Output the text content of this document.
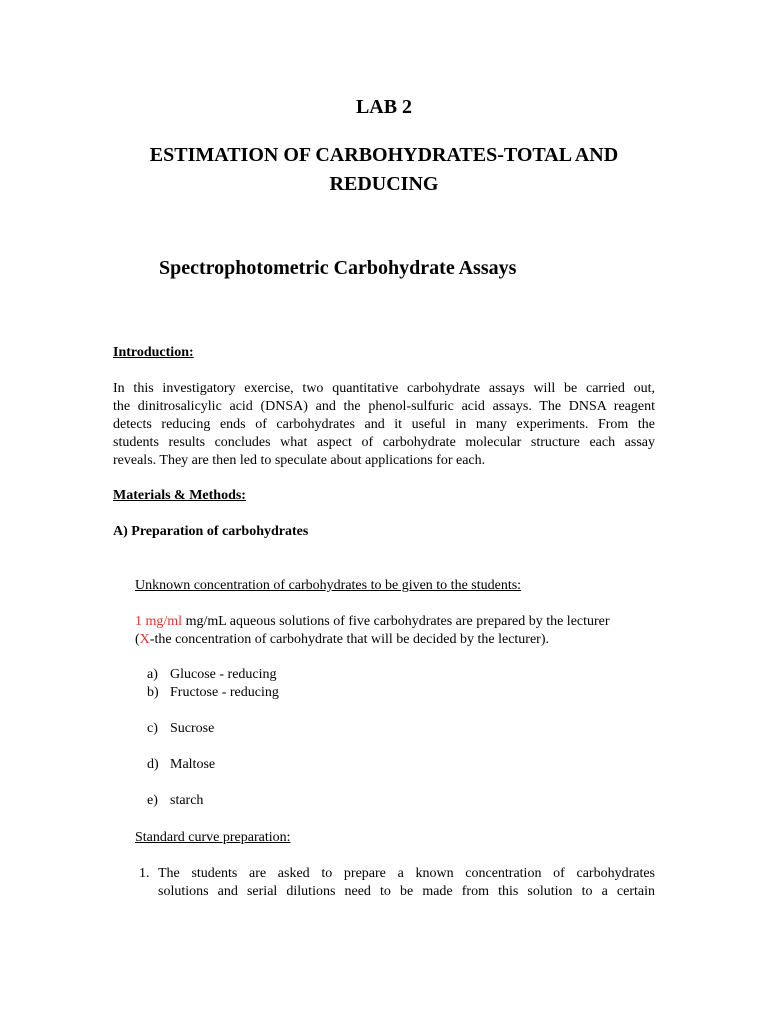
LAB 2
ESTIMATION OF CARBOHYDRATES-TOTAL AND
REDUCING
Spectrophotometric Carbohydrate Assays
Introduction:
In this investigatory exercise, two quantitative carbohydrate assays will be carried out,
the dinitrosalicylic acid (DNSA) and the phenol-sulfuric acid assays. The DNSA reagent
detects reducing ends of carbohydrates and it useful in many experiments. From the
students results concludes what aspect of carbohydrate molecular structure each assay
reveals. They are then led to speculate about applications for each.
Materials & Methods:
A) Preparation of carbohydrates
Unknown concentration of carbohydrates to be given to the students:
1 mg/ml mg/mL aqueous solutions of five carbohydrates are prepared by the lecturer
(X-the concentration of carbohydrate that will be decided by the lecturer).
a) Glucose - reducing
b) Fructose - reducing
c) Sucrose
d) Maltose
e) starch
Standard curve preparation:
1. The students are asked to prepare a known concentration of carbohydrates
solutions and serial dilutions need to be made from this solution to a certain
